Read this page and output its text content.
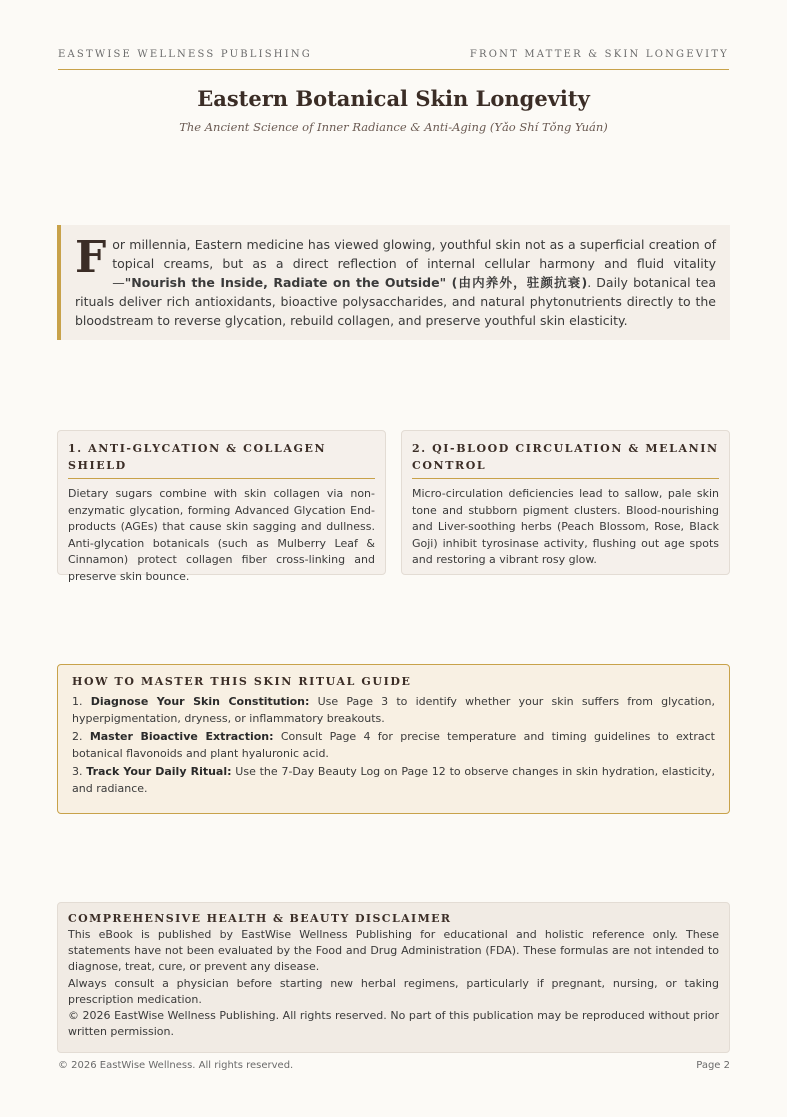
EASTWISE WELLNESS PUBLISHING	FRONT MATTER & SKIN LONGEVITY
Eastern Botanical Skin Longevity
The Ancient Science of Inner Radiance & Anti-Aging (Yǎo Shí Tǒng Yuán)
F or millennia, Eastern medicine has viewed glowing, youthful skin not as a superficial creation of topical creams, but as a direct reflection of internal cellular harmony and fluid vitality—"Nourish the Inside, Radiate on the Outside" (由内养外，驻颜抗衰). Daily botanical tea rituals deliver rich antioxidants, bioactive polysaccharides, and natural phytonutrients directly to the bloodstream to reverse glycation, rebuild collagen, and preserve youthful skin elasticity.
1. ANTI-GLYCATION & COLLAGEN SHIELD

Dietary sugars combine with skin collagen via non-enzymatic glycation, forming Advanced Glycation End-products (AGEs) that cause skin sagging and dullness. Anti-glycation botanicals (such as Mulberry Leaf & Cinnamon) protect collagen fiber cross-linking and preserve skin bounce.

2. QI-BLOOD CIRCULATION & MELANIN CONTROL

Micro-circulation deficiencies lead to sallow, pale skin tone and stubborn pigment clusters. Blood-nourishing and Liver-soothing herbs (Peach Blossom, Rose, Black Goji) inhibit tyrosinase activity, flushing out age spots and restoring a vibrant rosy glow.

HOW TO MASTER THIS SKIN RITUAL GUIDE
1. Diagnose Your Skin Constitution: Use Page 3 to identify whether your skin suffers from glycation, hyperpigmentation, dryness, or inflammatory breakouts.
2. Master Bioactive Extraction: Consult Page 4 for precise temperature and timing guidelines to extract botanical flavonoids and plant hyaluronic acid.
3. Track Your Daily Ritual: Use the 7-Day Beauty Log on Page 12 to observe changes in skin hydration, elasticity, and radiance.
COMPREHENSIVE HEALTH & BEAUTY DISCLAIMER

This eBook is published by EastWise Wellness Publishing for educational and holistic reference only. These statements have not been evaluated by the Food and Drug Administration (FDA). These formulas are not intended to diagnose, treat, cure, or prevent any disease.

Always consult a physician before starting new herbal regimens, particularly if pregnant, nursing, or taking prescription medication.

© 2026 EastWise Wellness Publishing. All rights reserved. No part of this publication may be reproduced without prior written permission.

© 2026 EastWise Wellness. All rights reserved.	Page 2
